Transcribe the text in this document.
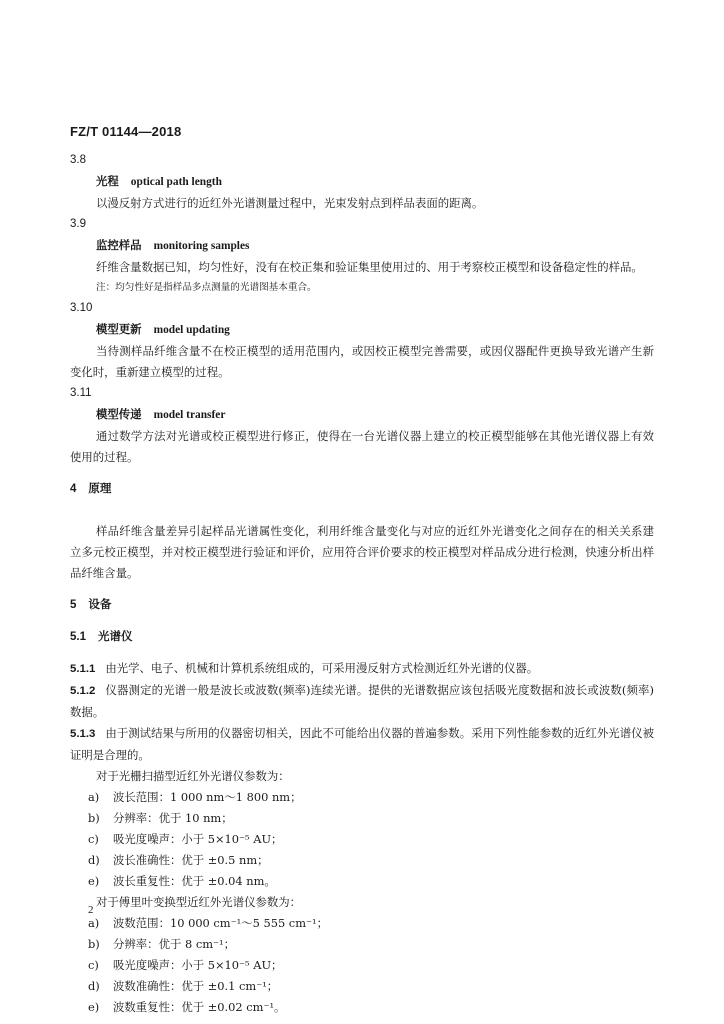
FZ/T 01144—2018
3.8
光程 optical path length
以漫反射方式进行的近红外光谱测量过程中，光束发射点到样品表面的距离。
3.9
监控样品 monitoring samples
纤维含量数据已知，均匀性好，没有在校正集和验证集里使用过的、用于考察校正模型和设备稳定性的样品。
注：均匀性好是指样品多点测量的光谱图基本重合。
3.10
模型更新 model updating
当待测样品纤维含量不在校正模型的适用范围内，或因校正模型完善需要，或因仪器配件更换导致光谱产生新变化时，重新建立模型的过程。
3.11
模型传递 model transfer
通过数学方法对光谱或校正模型进行修正，使得在一台光谱仪器上建立的校正模型能够在其他光谱仪器上有效使用的过程。
4 原理
样品纤维含量差异引起样品光谱属性变化，利用纤维含量变化与对应的近红外光谱变化之间存在的相关关系建立多元校正模型，并对校正模型进行验证和评价，应用符合评价要求的校正模型对样品成分进行检测，快速分析出样品纤维含量。
5 设备
5.1 光谱仪
5.1.1 由光学、电子、机械和计算机系统组成的，可采用漫反射方式检测近红外光谱的仪器。
5.1.2 仪器测定的光谱一般是波长或波数(频率)连续光谱。提供的光谱数据应该包括吸光度数据和波长或波数(频率)数据。
5.1.3 由于测试结果与所用的仪器密切相关，因此不可能给出仪器的普遍参数。采用下列性能参数的近红外光谱仪被证明是合理的。
对于光栅扫描型近红外光谱仪参数为：
a) 波长范围：1 000 nm～1 800 nm；
b) 分辨率：优于 10 nm；
c) 吸光度噪声：小于 5×10⁻⁵ AU；
d) 波长准确性：优于 ±0.5 nm；
e) 波长重复性：优于 ±0.04 nm。
对于傅里叶变换型近红外光谱仪参数为：
a) 波数范围：10 000 cm⁻¹～5 555 cm⁻¹；
b) 分辨率：优于 8 cm⁻¹；
c) 吸光度噪声：小于 5×10⁻⁵ AU；
d) 波数准确性：优于 ±0.1 cm⁻¹；
e) 波数重复性：优于 ±0.02 cm⁻¹。
2
